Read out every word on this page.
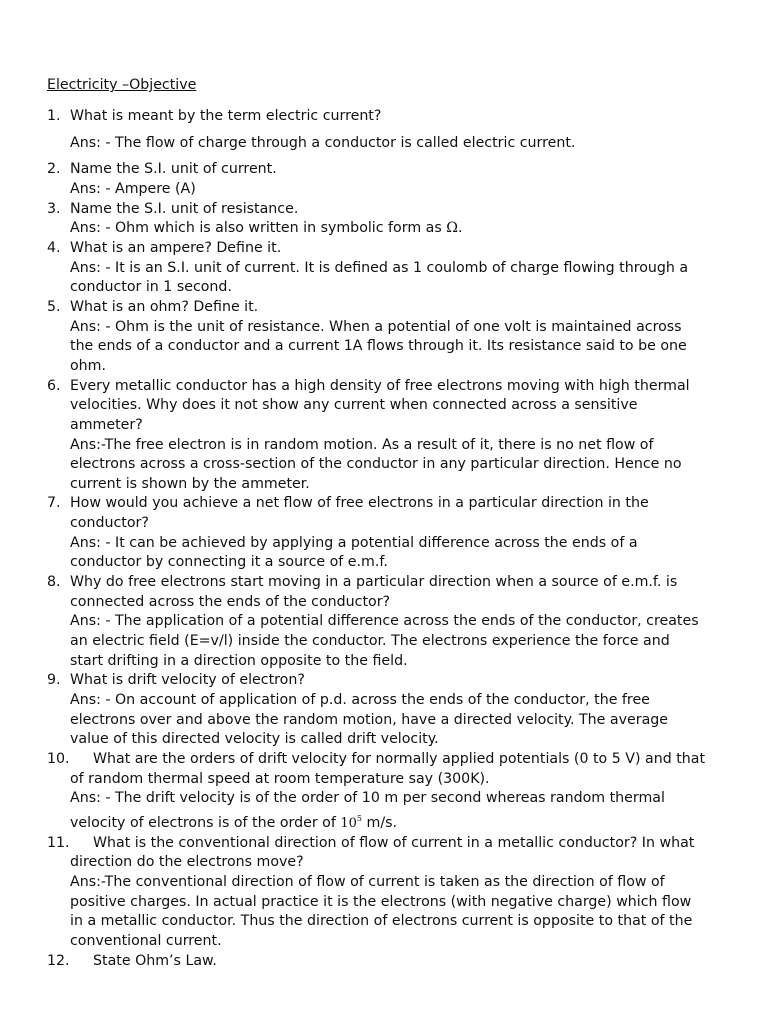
Electricity –Objective
1. What is meant by the term electric current?
Ans: - The flow of charge through a conductor is called electric current.
2. Name the S.I. unit of current.
Ans: - Ampere (A)
3. Name the S.I. unit of resistance.
Ans: - Ohm which is also written in symbolic form as Ω.
4. What is an ampere? Define it.
Ans: - It is an S.I. unit of current. It is defined as 1 coulomb of charge flowing through a conductor in 1 second.
5. What is an ohm? Define it.
Ans: - Ohm is the unit of resistance. When a potential of one volt is maintained across the ends of a conductor and a current 1A flows through it. Its resistance said to be one ohm.
6. Every metallic conductor has a high density of free electrons moving with high thermal velocities. Why does it not show any current when connected across a sensitive ammeter?
Ans:-The free electron is in random motion. As a result of it, there is no net flow of electrons across a cross-section of the conductor in any particular direction. Hence no current is shown by the ammeter.
7. How would you achieve a net flow of free electrons in a particular direction in the conductor?
Ans: - It can be achieved by applying a potential difference across the ends of a conductor by connecting it a source of e.m.f.
8. Why do free electrons start moving in a particular direction when a source of e.m.f. is connected across the ends of the conductor?
Ans: - The application of a potential difference across the ends of the conductor, creates an electric field (E=v/l) inside the conductor. The electrons experience the force and start drifting in a direction opposite to the field.
9. What is drift velocity of electron?
Ans: - On account of application of p.d. across the ends of the conductor, the free electrons over and above the random motion, have a directed velocity. The average value of this directed velocity is called drift velocity.
10.	What are the orders of drift velocity for normally applied potentials (0 to 5 V) and that of random thermal speed at room temperature say (300K).
Ans: - The drift velocity is of the order of 10 m per second whereas random thermal velocity of electrons is of the order of $10^5$ m/s.
11.	What is the conventional direction of flow of current in a metallic conductor? In what direction do the electrons move?
Ans:-The conventional direction of flow of current is taken as the direction of flow of positive charges. In actual practice it is the electrons (with negative charge) which flow in a metallic conductor. Thus the direction of electrons current is opposite to that of the conventional current.
12.	State Ohm’s Law.
